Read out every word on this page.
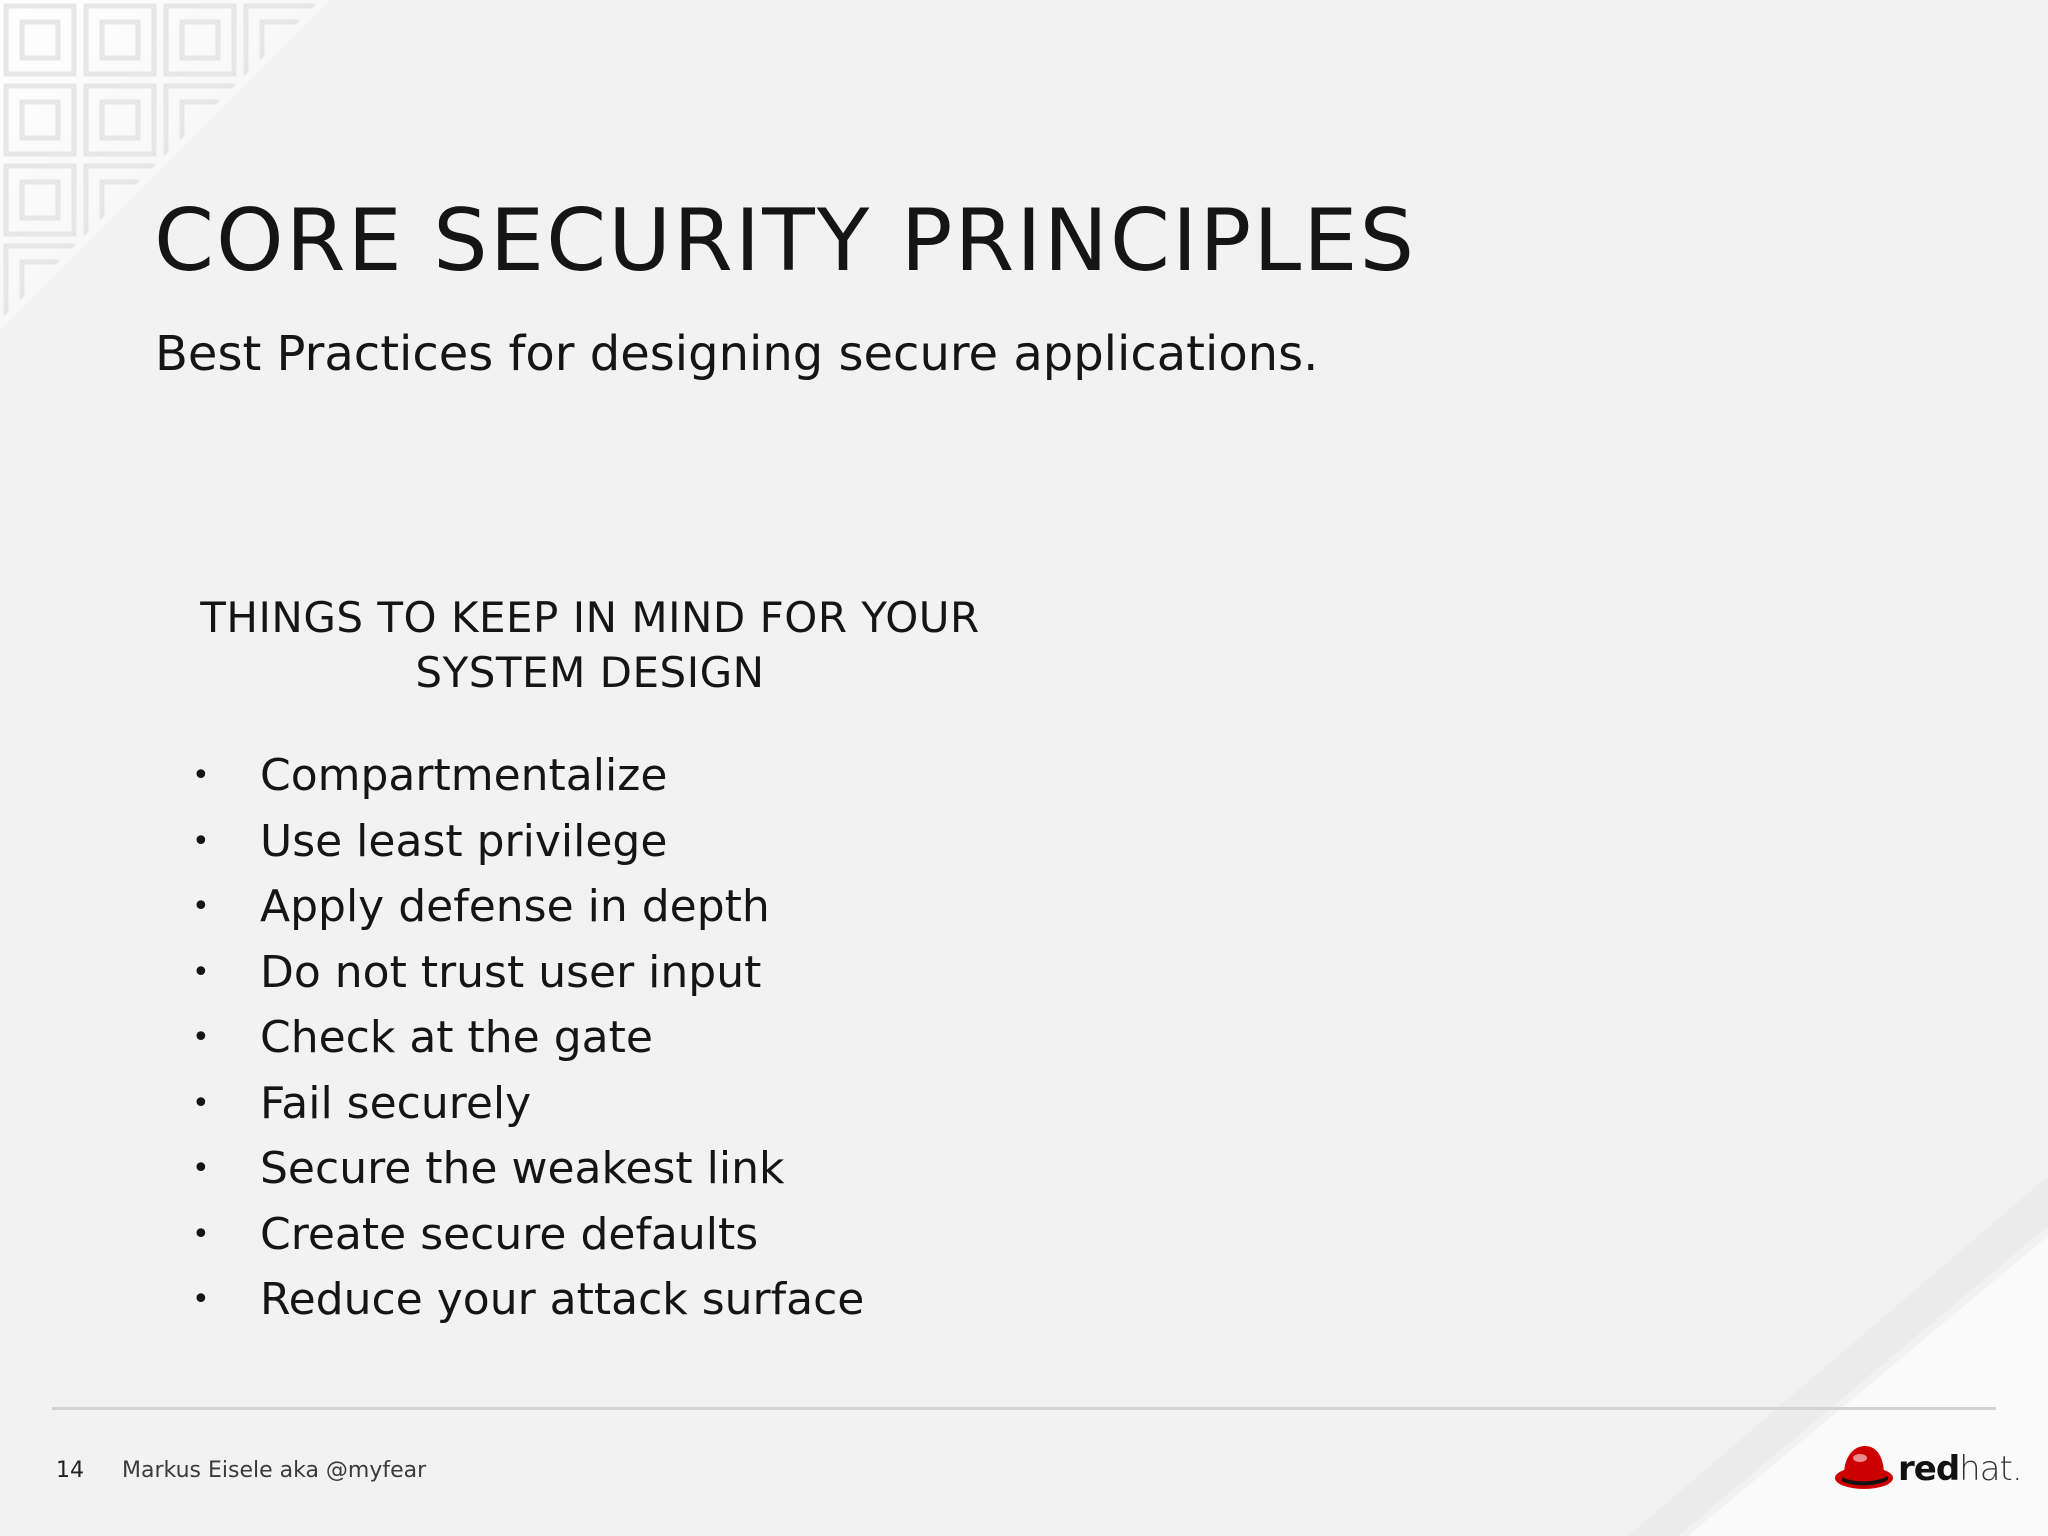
CORE SECURITY PRINCIPLES
Best Practices for designing secure applications.
THINGS TO KEEP IN MIND FOR YOUR
SYSTEM DESIGN
• Compartmentalize
• Use least privilege
• Apply defense in depth
• Do not trust user input
• Check at the gate
• Fail securely
• Secure the weakest link
• Create secure defaults
• Reduce your attack surface
14 Markus Eisele aka @myfear	redhat.
